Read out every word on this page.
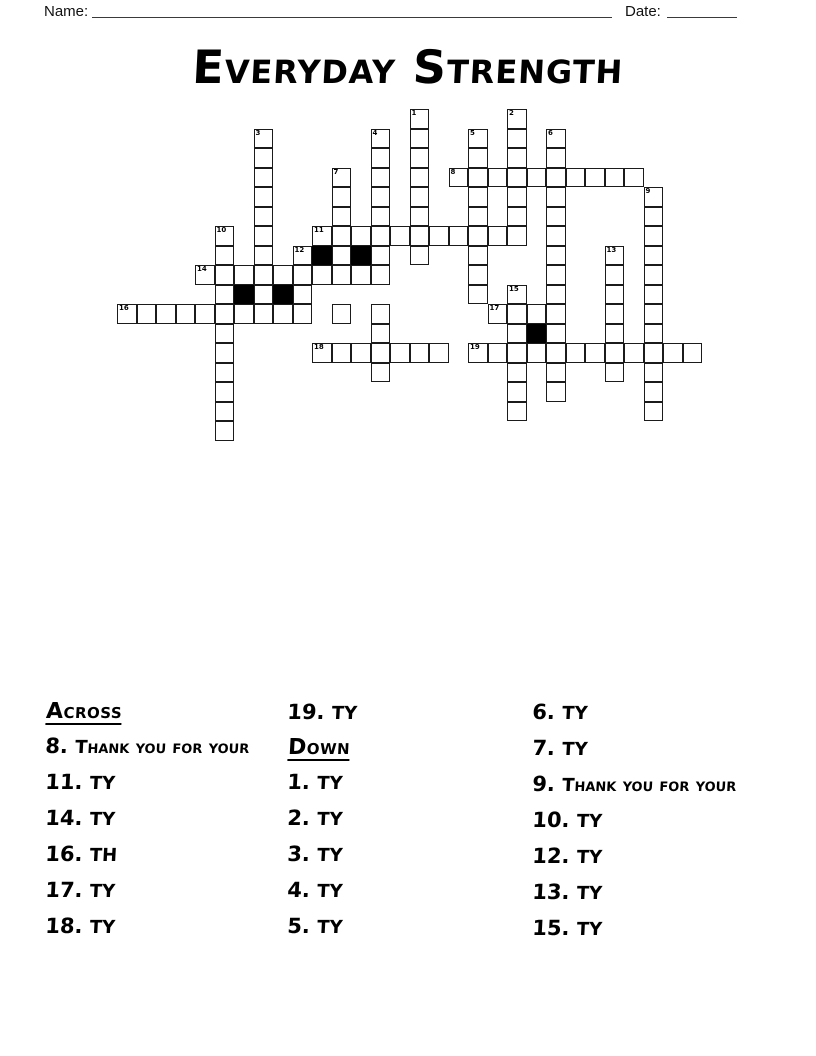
Name:	Date:
Everyday Strength
1	2
3	4	5	6
7	8
9
10	11
12	13
14
15
16	17
18	19
Across
8. Thank you for your
11. TY
14. TY
16. TH
17. TY
18. TY
19. TY
Down
1. TY
2. TY
3. TY
4. TY
5. TY
6. TY
7. TY
9. Thank you for your
10. TY
12. TY
13. TY
15. TY
